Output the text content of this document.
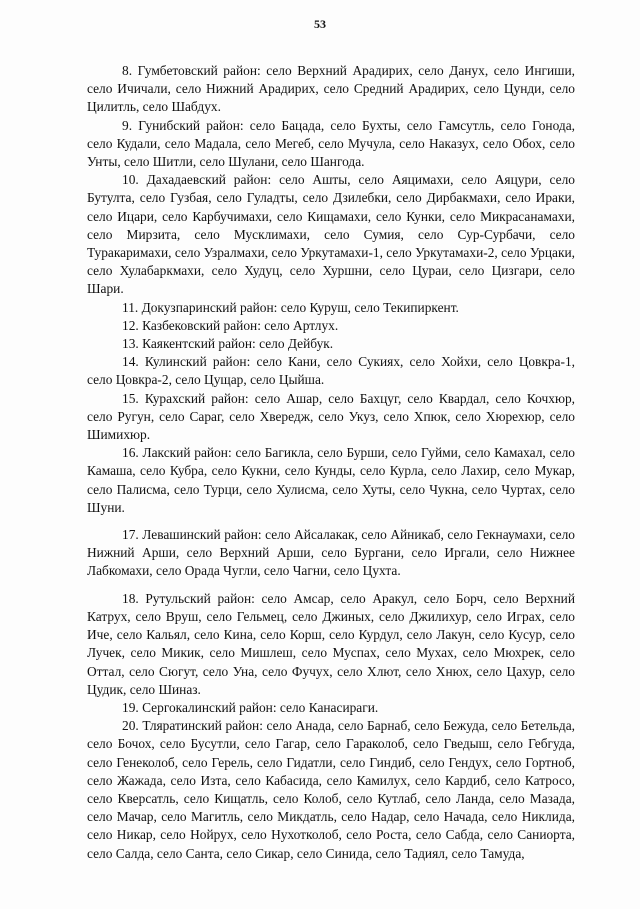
53

8. Гумбетовский район: село Верхний Арадирих, село Данух, село Ингиши, село Ичичали, село Нижний Арадирих, село Средний Арадирих, село Цунди, село Цилитль, село Шабдух.

9. Гунибский район: село Бацада, село Бухты, село Гамсутль, село Гонода, село Кудали, село Мадала, село Мегеб, село Мучула, село Наказух, село Обох, село Унты, село Шитли, село Шулани, село Шангода.

10. Дахадаевский район: село Ашты, село Аяцимахи, село Аяцури, село Бутулта, село Гузбая, село Гуладты, село Дзилебки, село Дирбакмахи, село Ираки, село Ицари, село Карбучимахи, село Кищамахи, село Кунки, село Микрасанамахи, село Мирзита, село Мусклимахи, село Сумия, село Сур-Сурбачи, село Туракаримахи, село Узралмахи, село Уркутамахи-1, село Уркутамахи-2, село Урцаки, село Хулабаркмахи, село Худуц, село Хуршни, село Цураи, село Цизгари, село Шари.

11. Докузпаринский район: село Куруш, село Текипиркент.

12. Казбековский район: село Артлух.

13. Каякентский район: село Дейбук.

14. Кулинский район: село Кани, село Сукиях, село Хойхи, село Цовкра-1, село Цовкра-2, село Цущар, село Цыйша.

15. Курахский район: село Ашар, село Бахцуг, село Квардал, село Кочхюр, село Ругун, село Сараг, село Хвередж, село Укуз, село Хпюк, село Хюрехюр, село Шимихюр.

16. Лакский район: село Багикла, село Бурши, село Гуйми, село Камахал, село Камаша, село Кубра, село Кукни, село Кунды, село Курла, село Лахир, село Мукар, село Палисма, село Турци, село Хулисма, село Хуты, село Чукна, село Чуртах, село Шуни.

17. Левашинский район: село Айсалакак, село Айникаб, село Гекнаумахи, село Нижний Арши, село Верхний Арши, село Бургани, село Иргали, село Нижнее Лабкомахи, село Орада Чугли, село Чагни, село Цухта.

18. Рутульский район: село Амсар, село Аракул, село Борч, село Верхний Катрух, село Вруш, село Гельмец, село Джиных, село Джилихур, село Играх, село Иче, село Кальял, село Кина, село Корш, село Курдул, село Лакун, село Кусур, село Лучек, село Микик, село Мишлеш, село Муспах, село Мухах, село Мюхрек, село Оттал, село Сюгут, село Уна, село Фучух, село Хлют, село Хнюх, село Цахур, село Цудик, село Шиназ.

19. Сергокалинский район: село Канасираги.

20. Тляратинский район: село Анада, село Барнаб, село Бежуда, село Бетельда, село Бочох, село Бусутли, село Гагар, село Гараколоб, село Гведыш, село Гебгуда, село Генеколоб, село Герель, село Гидатли, село Гиндиб, село Гендух, село Гортноб, село Жажада, село Изта, село Кабасида, село Камилух, село Кардиб, село Катросо, село Кверсатль, село Кищатль, село Колоб, село Кутлаб, село Ланда, село Мазада, село Мачар, село Магитль, село Микдатль, село Надар, село Начада, село Никлида, село Никар, село Нойрух, село Нухотколоб, село Роста, село Сабда, село Саниорта, село Салда, село Санта, село Сикар, село Синида, село Тадиял, село Тамуда,
